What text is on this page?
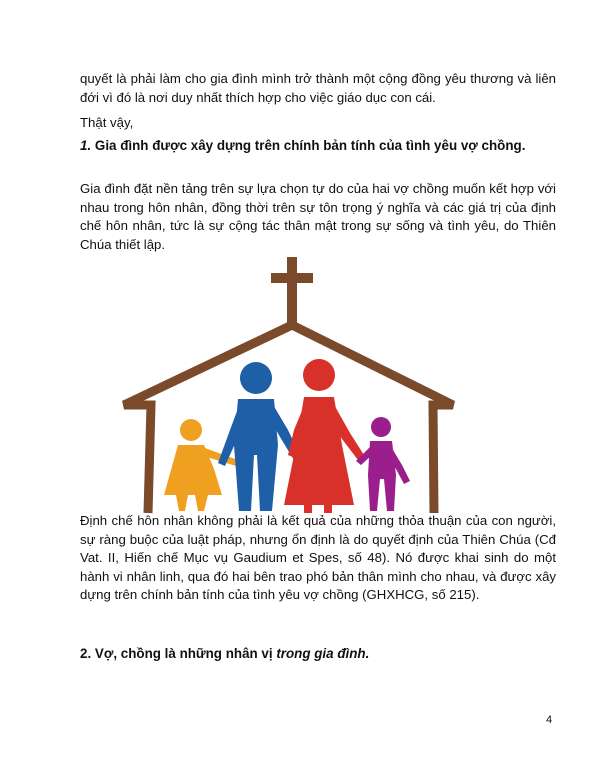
quyết là phải làm cho gia đình mình trở thành một cộng đồng yêu thương và liên đới vì đó là nơi duy nhất thích hợp cho việc giáo dục con cái.

Thật vậy,

1. Gia đình được xây dựng trên chính bản tính của tình yêu vợ chồng.

Gia đình đặt nền tảng trên sự lựa chọn tự do của hai vợ chồng muốn kết hợp với nhau trong hôn nhân, đồng thời trên sự tôn trọng ý nghĩa và các giá trị của định chế hôn nhân, tức là sự cộng tác thân mật trong sự sống và tình yêu, do Thiên Chúa thiết lập.

Định chế hôn nhân không phải là kết quả của những thỏa thuận của con người, sự ràng buộc của luật pháp, nhưng ổn định là do quyết định của Thiên Chúa (Cđ Vat. II, Hiến chế Mục vụ Gaudium et Spes, số 48). Nó được khai sinh do một hành vi nhân linh, qua đó hai bên trao phó bản thân mình cho nhau, và được xây dựng trên chính bản tính của tình yêu vợ chồng (GHXHCG, số 215).

2. Vợ, chồng là những nhân vị trong gia đình.

4
